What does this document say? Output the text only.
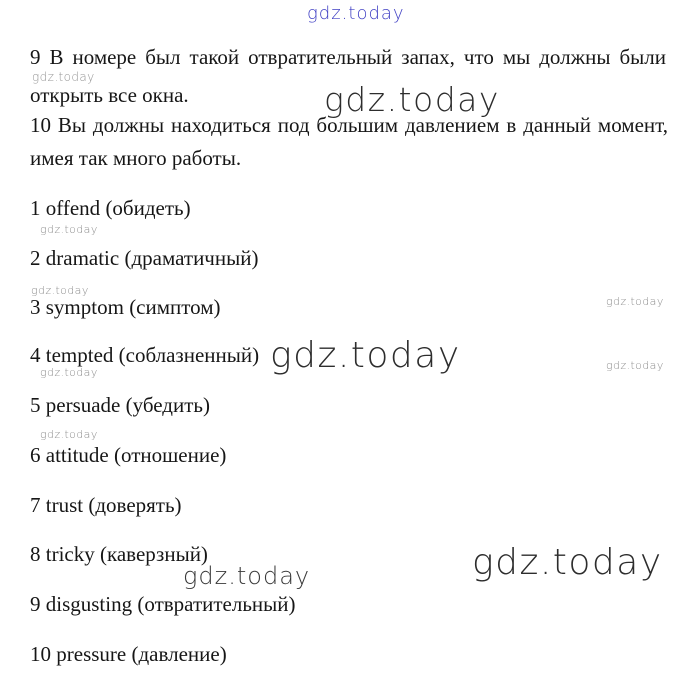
gdz.today
9 В номере был такой отвратительный запах, что мы должны были
gdz.today
открыть все окна.	gdz.today
10 Вы должны находиться под большим давлением в данный момент,
имея так много работы.
1 offend (обидеть)
gdz.today
2 dramatic (драматичный)
gdz.today
3 symptom (симптом)	gdz.today
4 tempted (соблазненный) gdz.today
gdz.today
gdz.today
5 persuade (убедить)
gdz.today
6 attitude (отношение)
7 trust (доверять)
8 tricky (каверзный)
gdz.today	gdz.today
9 disgusting (отвратительный)
10 pressure (давление)
